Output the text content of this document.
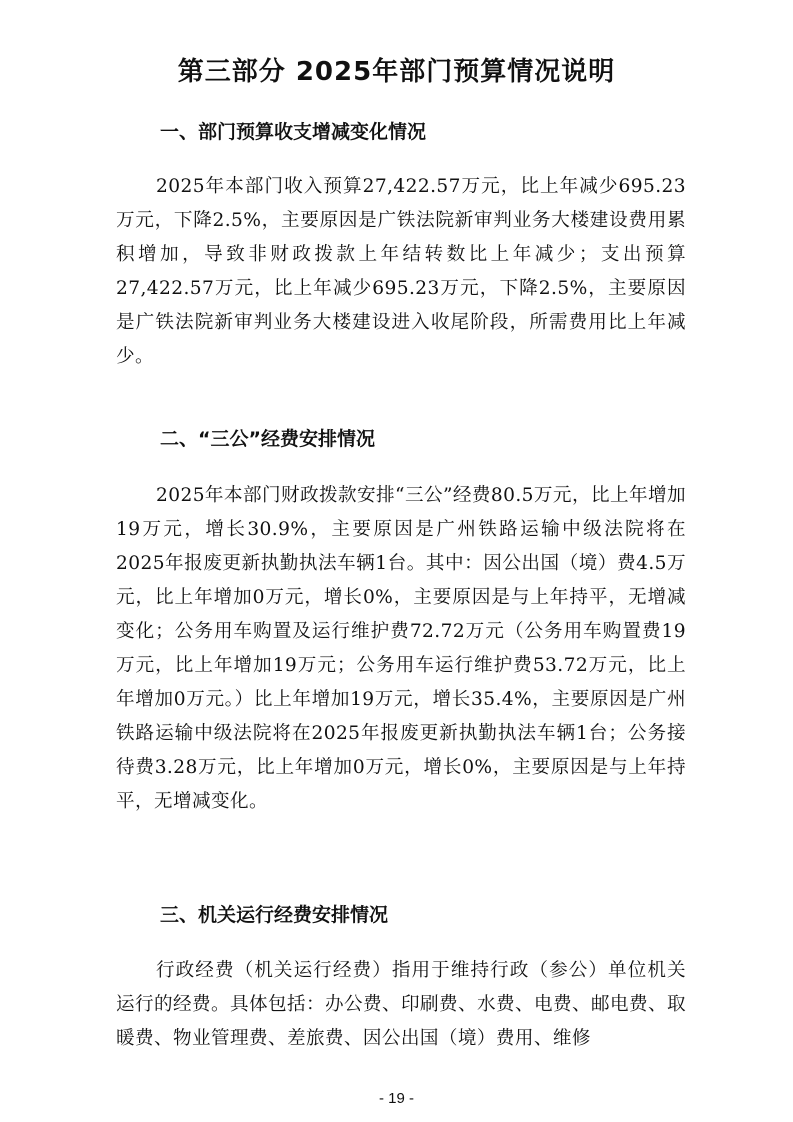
第三部分 2025年部门预算情况说明
一、部门预算收支增减变化情况

2025年本部门收入预算27,422.57万元，比上年减少695.23万元，下降2.5%，主要原因是广铁法院新审判业务大楼建设费用累积增加，导致非财政拨款上年结转数比上年减少；支出预算27,422.57万元，比上年减少695.23万元，下降2.5%，主要原因是广铁法院新审判业务大楼建设进入收尾阶段，所需费用比上年减少。

二、“三公”经费安排情况

2025年本部门财政拨款安排“三公”经费80.5万元，比上年增加19万元，增长30.9%，主要原因是广州铁路运输中级法院将在2025年报废更新执勤执法车辆1台。其中：因公出国（境）费4.5万元，比上年增加0万元，增长0%，主要原因是与上年持平，无增减变化；公务用车购置及运行维护费72.72万元（公务用车购置费19万元，比上年增加19万元；公务用车运行维护费53.72万元，比上年增加0万元。）比上年增加19万元，增长35.4%，主要原因是广州铁路运输中级法院将在2025年报废更新执勤执法车辆1台；公务接待费3.28万元，比上年增加0万元，增长0%，主要原因是与上年持平，无增减变化。

三、机关运行经费安排情况

行政经费（机关运行经费）指用于维持行政（参公）单位机关运行的经费。具体包括：办公费、印刷费、水费、电费、邮电费、取暖费、物业管理费、差旅费、因公出国（境）费用、维修

- 19 -
